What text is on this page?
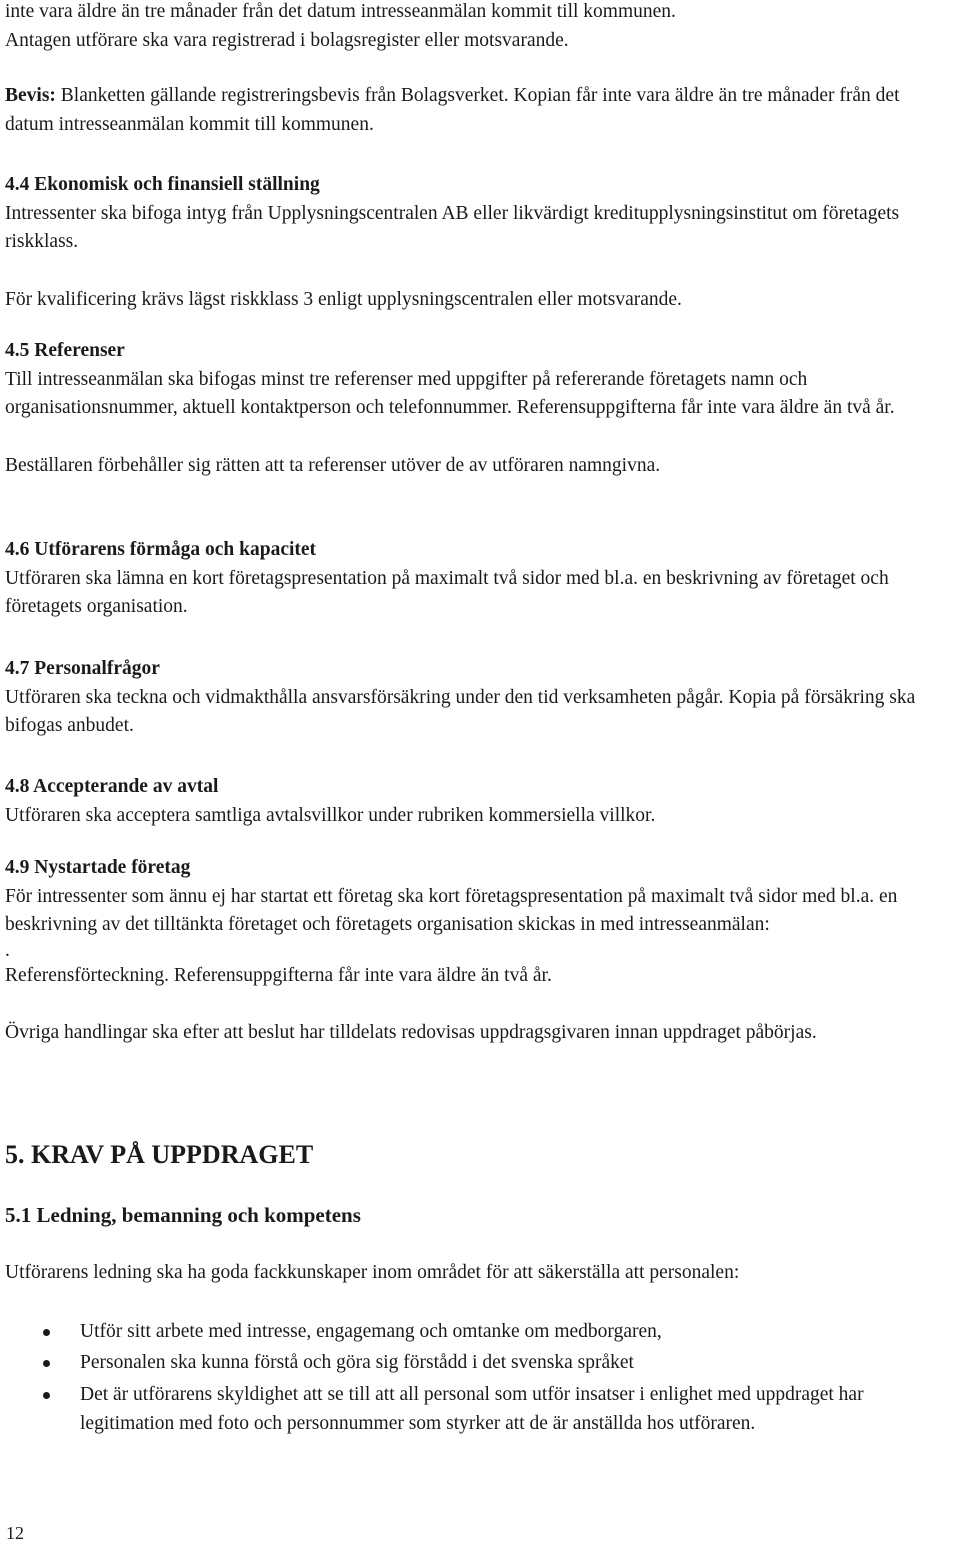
inte vara äldre än tre månader från det datum intresseanmälan kommit till kommunen.

Antagen utförare ska vara registrerad i bolagsregister eller motsvarande.

Bevis: Blanketten gällande registreringsbevis från Bolagsverket. Kopian får inte vara äldre än tre månader från det datum intresseanmälan kommit till kommunen.

4.4 Ekonomisk och finansiell ställning

Intressenter ska bifoga intyg från Upplysningscentralen AB eller likvärdigt kreditupplysningsinstitut om företagets riskklass.

För kvalificering krävs lägst riskklass 3 enligt upplysningscentralen eller motsvarande.

4.5 Referenser

Till intresseanmälan ska bifogas minst tre referenser med uppgifter på refererande företagets namn och organisationsnummer, aktuell kontaktperson och telefonnummer. Referensuppgifterna får inte vara äldre än två år.

Beställaren förbehåller sig rätten att ta referenser utöver de av utföraren namngivna.

4.6 Utförarens förmåga och kapacitet

Utföraren ska lämna en kort företagspresentation på maximalt två sidor med bl.a. en beskrivning av företaget och företagets organisation.

4.7 Personalfrågor

Utföraren ska teckna och vidmakthålla ansvarsförsäkring under den tid verksamheten pågår. Kopia på försäkring ska bifogas anbudet.

4.8 Accepterande av avtal

Utföraren ska acceptera samtliga avtalsvillkor under rubriken kommersiella villkor.

4.9 Nystartade företag

För intressenter som ännu ej har startat ett företag ska kort företagspresentation på maximalt två sidor med bl.a. en beskrivning av det tilltänkta företaget och företagets organisation skickas in med intresseanmälan:

.

Referensförteckning. Referensuppgifterna får inte vara äldre än två år.

Övriga handlingar ska efter att beslut har tilldelats redovisas uppdragsgivaren innan uppdraget påbörjas.

5. KRAV PÅ UPPDRAGET
5.1 Ledning, bemanning och kompetens

Utförarens ledning ska ha goda fackkunskaper inom området för att säkerställa att personalen:

Utför sitt arbete med intresse, engagemang och omtanke om medborgaren,
Personalen ska kunna förstå och göra sig förstådd i det svenska språket
Det är utförarens skyldighet att se till att all personal som utför insatser i enlighet med uppdraget har legitimation med foto och personnummer som styrker att de är anställda hos utföraren.
12
